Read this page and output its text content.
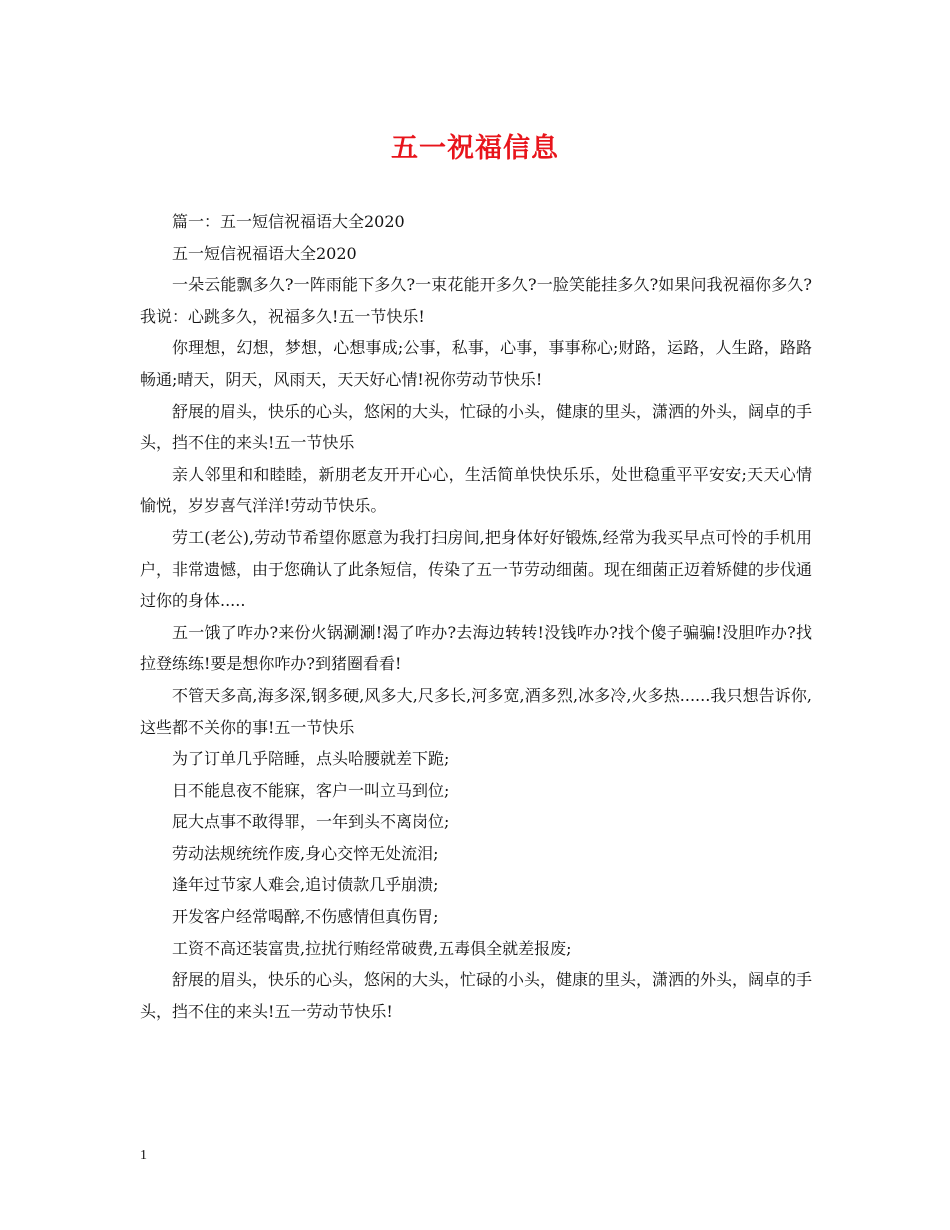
五一祝福信息

篇一：五一短信祝福语大全2020

五一短信祝福语大全2020

一朵云能飘多久?一阵雨能下多久?一束花能开多久?一脸笑能挂多久?如果问我祝福你多久?我说：心跳多久，祝福多久!五一节快乐!

你理想，幻想，梦想，心想事成;公事，私事，心事，事事称心;财路，运路，人生路，路路畅通;晴天，阴天，风雨天，天天好心情!祝你劳动节快乐!

舒展的眉头，快乐的心头，悠闲的大头，忙碌的小头，健康的里头，潇洒的外头，阔卓的手头，挡不住的来头!五一节快乐

亲人邻里和和睦睦，新朋老友开开心心，生活简单快快乐乐，处世稳重平平安安;天天心情愉悦，岁岁喜气洋洋!劳动节快乐。

劳工(老公),劳动节希望你愿意为我打扫房间,把身体好好锻炼,经常为我买早点可怜的手机用户，非常遗憾，由于您确认了此条短信，传染了五一节劳动细菌。现在细菌正迈着矫健的步伐通过你的身体.....

五一饿了咋办?来份火锅涮涮!渴了咋办?去海边转转!没钱咋办?找个傻子骗骗!没胆咋办?找拉登练练!要是想你咋办?到猪圈看看!

不管天多高,海多深,钢多硬,风多大,尺多长,河多宽,酒多烈,冰多冷,火多热......我只想告诉你,这些都不关你的事!五一节快乐

为了订单几乎陪睡，点头哈腰就差下跪;

日不能息夜不能寐，客户一叫立马到位;

屁大点事不敢得罪，一年到头不离岗位;

劳动法规统统作废,身心交悴无处流泪;

逢年过节家人难会,追讨债款几乎崩溃;

开发客户经常喝醉,不伤感情但真伤胃;

工资不高还装富贵,拉扰行贿经常破费,五毒俱全就差报废;

舒展的眉头，快乐的心头，悠闲的大头，忙碌的小头，健康的里头，潇洒的外头，阔卓的手头，挡不住的来头!五一劳动节快乐!

1
